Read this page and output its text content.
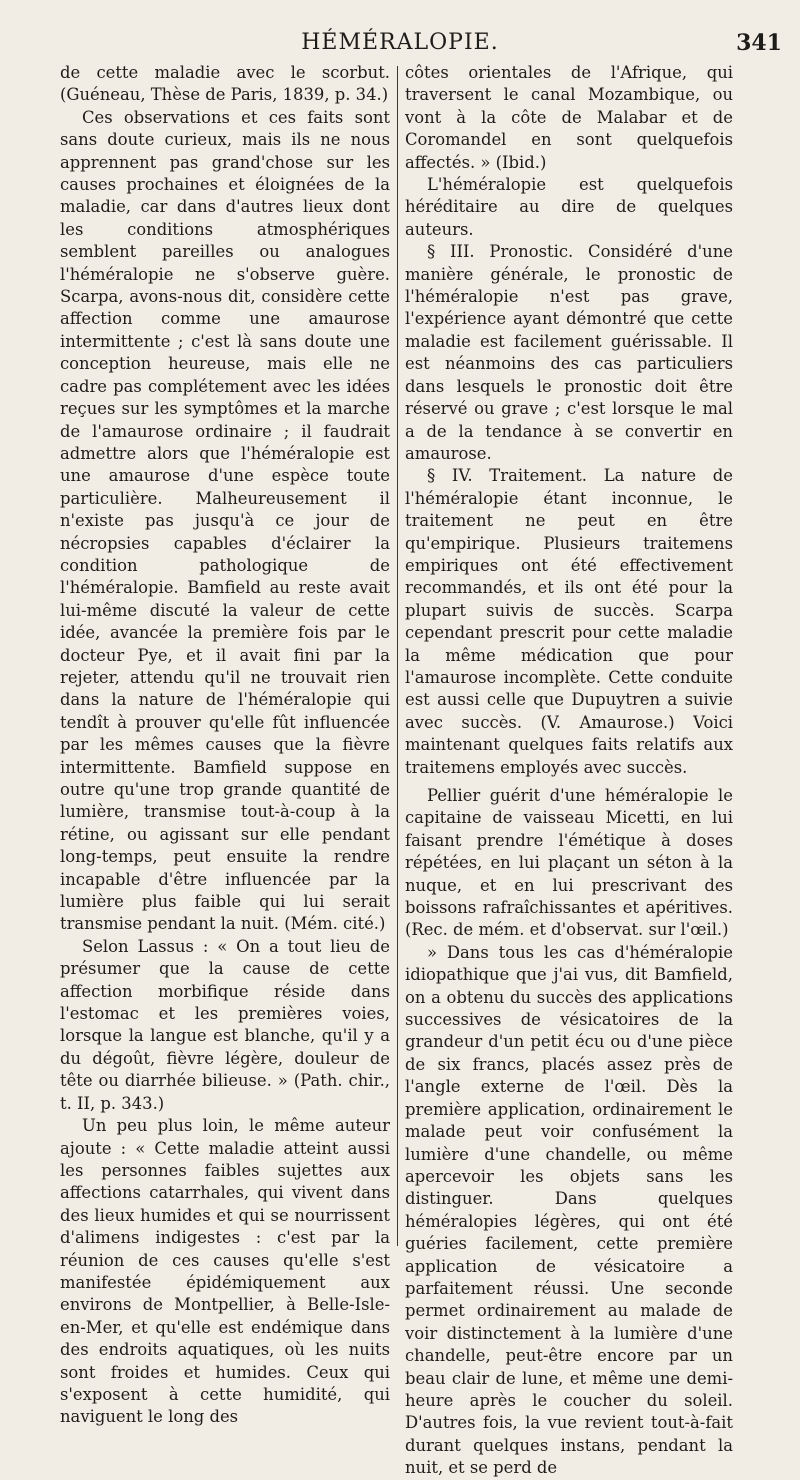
HÉMÉRALOPIE.	341

de cette maladie avec le scorbut. (Guéneau, Thèse de Paris, 1839, p. 34.)

Ces observations et ces faits sont sans doute curieux, mais ils ne nous apprennent pas grand'chose sur les causes prochaines et éloignées de la maladie, car dans d'autres lieux dont les conditions atmosphériques semblent pareilles ou analogues l'héméralopie ne s'observe guère. Scarpa, avons-nous dit, considère cette affection comme une amaurose intermittente ; c'est là sans doute une conception heureuse, mais elle ne cadre pas complétement avec les idées reçues sur les symptômes et la marche de l'amaurose ordinaire ; il faudrait admettre alors que l'héméralopie est une amaurose d'une espèce toute particulière. Malheureusement il n'existe pas jusqu'à ce jour de nécropsies capables d'éclairer la condition pathologique de l'héméralopie. Bamfield au reste avait lui-même discuté la valeur de cette idée, avancée la première fois par le docteur Pye, et il avait fini par la rejeter, attendu qu'il ne trouvait rien dans la nature de l'héméralopie qui tendît à prouver qu'elle fût influencée par les mêmes causes que la fièvre intermittente. Bamfield suppose en outre qu'une trop grande quantité de lumière, transmise tout-à-coup à la rétine, ou agissant sur elle pendant long-temps, peut ensuite la rendre incapable d'être influencée par la lumière plus faible qui lui serait transmise pendant la nuit. (Mém. cité.)

Selon Lassus : « On a tout lieu de présumer que la cause de cette affection morbifique réside dans l'estomac et les premières voies, lorsque la langue est blanche, qu'il y a du dégoût, fièvre légère, douleur de tête ou diarrhée bilieuse. » (Path. chir., t. II, p. 343.)

Un peu plus loin, le même auteur ajoute : « Cette maladie atteint aussi les personnes faibles sujettes aux affections catarrhales, qui vivent dans des lieux humides et qui se nourrissent d'alimens indigestes : c'est par la réunion de ces causes qu'elle s'est manifestée épidémiquement aux environs de Montpellier, à Belle-Isle-en-Mer, et qu'elle est endémique dans des endroits aquatiques, où les nuits sont froides et humides. Ceux qui s'exposent à cette humidité, qui naviguent le long des

côtes orientales de l'Afrique, qui traversent le canal Mozambique, ou vont à la côte de Malabar et de Coromandel en sont quelquefois affectés. » (Ibid.)

L'héméralopie est quelquefois héréditaire au dire de quelques auteurs.

§ III. Pronostic. Considéré d'une manière générale, le pronostic de l'héméralopie n'est pas grave, l'expérience ayant démontré que cette maladie est facilement guérissable. Il est néanmoins des cas particuliers dans lesquels le pronostic doit être réservé ou grave ; c'est lorsque le mal a de la tendance à se convertir en amaurose.

§ IV. Traitement. La nature de l'héméralopie étant inconnue, le traitement ne peut en être qu'empirique. Plusieurs traitemens empiriques ont été effectivement recommandés, et ils ont été pour la plupart suivis de succès. Scarpa cependant prescrit pour cette maladie la même médication que pour l'amaurose incomplète. Cette conduite est aussi celle que Dupuytren a suivie avec succès. (V. Amaurose.) Voici maintenant quelques faits relatifs aux traitemens employés avec succès.

Pellier guérit d'une héméralopie le capitaine de vaisseau Micetti, en lui faisant prendre l'émétique à doses répétées, en lui plaçant un séton à la nuque, et en lui prescrivant des boissons rafraîchissantes et apéritives. (Rec. de mém. et d'observat. sur l'œil.)

» Dans tous les cas d'héméralopie idiopathique que j'ai vus, dit Bamfield, on a obtenu du succès des applications successives de vésicatoires de la grandeur d'un petit écu ou d'une pièce de six francs, placés assez près de l'angle externe de l'œil. Dès la première application, ordinairement le malade peut voir confusément la lumière d'une chandelle, ou même apercevoir les objets sans les distinguer. Dans quelques héméralopies légères, qui ont été guéries facilement, cette première application de vésicatoire a parfaitement réussi. Une seconde permet ordinairement au malade de voir distinctement à la lumière d'une chandelle, peut-être encore par un beau clair de lune, et même une demi-heure après le coucher du soleil. D'autres fois, la vue revient tout-à-fait durant quelques instans, pendant la nuit, et se perd de
